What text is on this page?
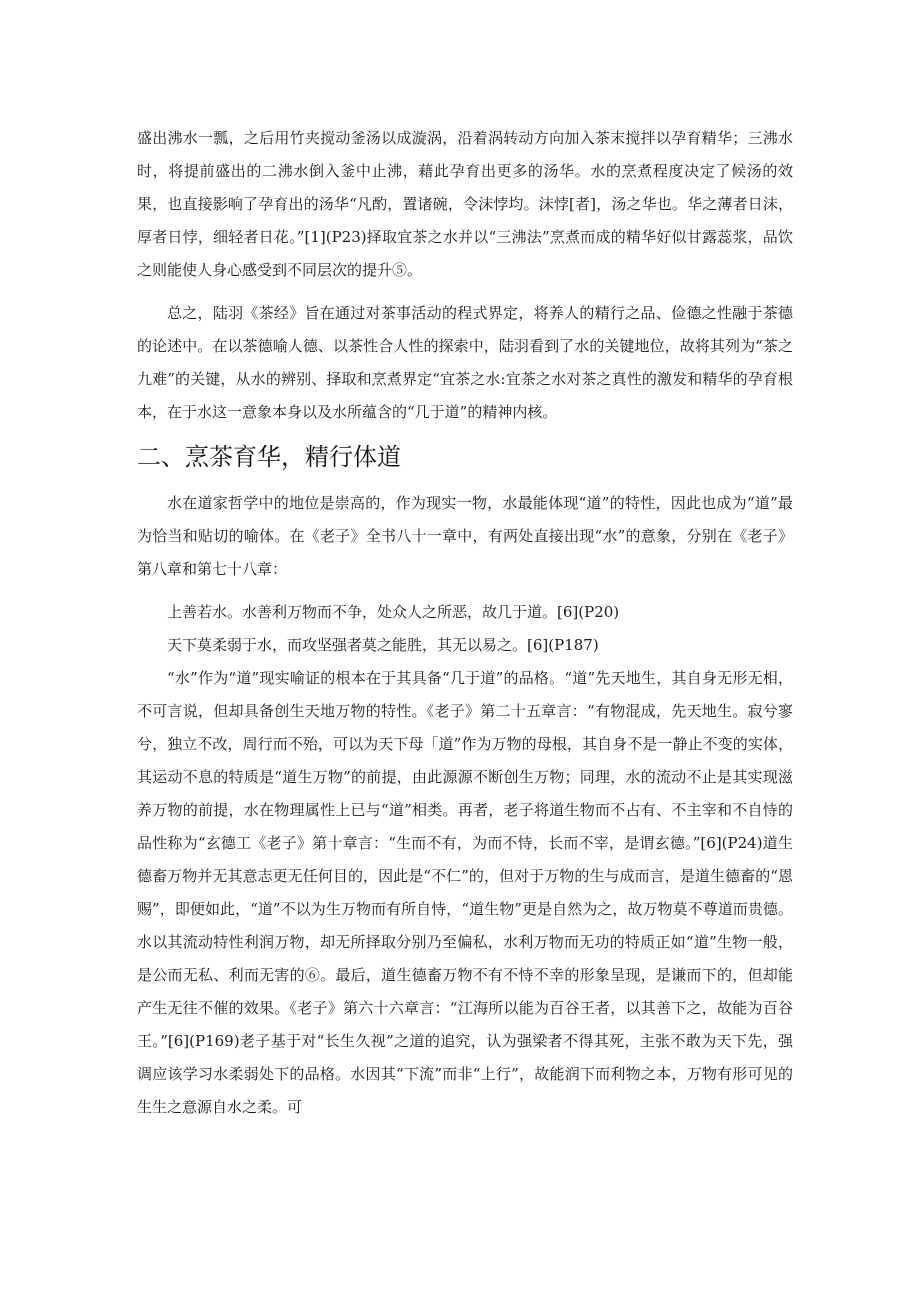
盛出沸水一瓢，之后用竹夹搅动釜汤以成漩涡，沿着涡转动方向加入茶末搅拌以孕育精华；三沸水时，将提前盛出的二沸水倒入釜中止沸，藉此孕育出更多的汤华。水的烹煮程度决定了候汤的效果，也直接影响了孕育出的汤华“凡酌，置诸碗，令沫悖均。沫悖[者]，汤之华也。华之薄者日沫，厚者日悖，细轻者日花。”[1](P23)择取宜茶之水并以“三沸法”烹煮而成的精华好似甘露蕊浆，品饮之则能使人身心感受到不同层次的提升⑤。

总之，陆羽《茶经》旨在通过对茶事活动的程式界定，将养人的精行之品、俭德之性融于茶德的论述中。在以茶德喻人德、以茶性合人性的探索中，陆羽看到了水的关键地位，故将其列为“茶之九难”的关键，从水的辨别、择取和烹煮界定“宜茶之水:宜茶之水对茶之真性的激发和精华的孕育根本，在于水这一意象本身以及水所蕴含的“几于道”的精神内核。

二、烹茶育华，精行体道

水在道家哲学中的地位是崇高的，作为现实一物，水最能体现“道”的特性，因此也成为“道”最为恰当和贴切的喻体。在《老子》全书八十一章中，有两处直接出现“水”的意象，分别在《老子》第八章和第七十八章：

上善若水。水善利万物而不争，处众人之所恶，故几于道。[6](P20)

天下莫柔弱于水，而攻坚强者莫之能胜，其无以易之。[6](P187)

“水”作为“道”现实喻证的根本在于其具备“几于道”的品格。“道”先天地生，其自身无形无相，不可言说，但却具备创生天地万物的特性。《老子》第二十五章言：“有物混成，先天地生。寂兮寥兮，独立不改，周行而不殆，可以为天下母「道”作为万物的母根，其自身不是一静止不变的实体，其运动不息的特质是“道生万物”的前提，由此源源不断创生万物；同理，水的流动不止是其实现滋养万物的前提，水在物理属性上已与“道”相类。再者，老子将道生物而不占有、不主宰和不自恃的品性称为“玄德工《老子》第十章言：“生而不有，为而不恃，长而不宰，是谓玄德。”[6](P24)道生德畜万物并无其意志更无任何目的，因此是“不仁”的，但对于万物的生与成而言，是道生德畜的“恩赐”，即便如此，“道”不以为生万物而有所自恃，“道生物”更是自然为之，故万物莫不尊道而贵德。水以其流动特性利润万物，却无所择取分别乃至偏私，水利万物而无功的特质正如“道”生物一般，是公而无私、利而无害的⑥。最后，道生德畜万物不有不恃不幸的形象呈现，是谦而下的，但却能产生无往不催的效果。《老子》第六十六章言：“江海所以能为百谷王者，以其善下之，故能为百谷王。”[6](P169)老子基于对“长生久视”之道的追究，认为强梁者不得其死，主张不敢为天下先，强调应该学习水柔弱处下的品格。水因其“下流”而非“上行”，故能润下而利物之本，万物有形可见的生生之意源自水之柔。可
